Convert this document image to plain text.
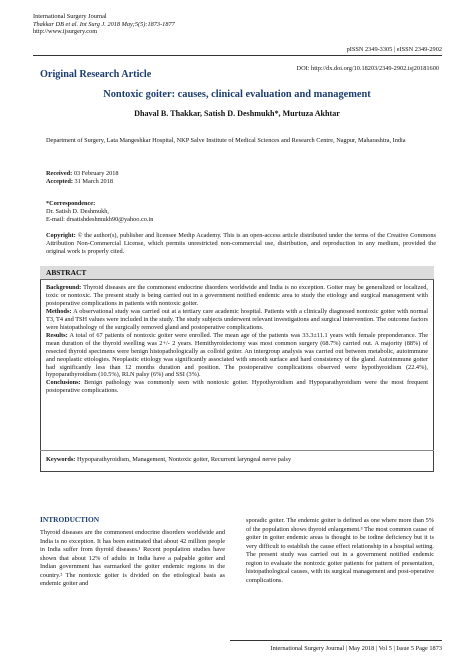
International Surgery Journal
Thakkar DB et al. Int Surg J. 2018 May;5(5):1873-1877
http://www.ijsurgery.com
pISSN 2349-3305 | eISSN 2349-2902
Original Research Article
DOI: http://dx.doi.org/10.18203/2349-2902.isj20181600
Nontoxic goiter: causes, clinical evaluation and management
Dhaval B. Thakkar, Satish D. Deshmukh*, Murtuza Akhtar
Department of Surgery, Lata Mangeshkar Hospital, NKP Salve Institute of Medical Sciences and Research Centre, Nagpur, Maharashtra, India
Received: 03 February 2018
Accepted: 31 March 2018
*Correspondence:
Dr. Satish D. Deshmukh,
E-mail: drsatishdeshmukh90@yahoo.co.in
Copyright: © the author(s), publisher and licensee Medip Academy. This is an open-access article distributed under the terms of the Creative Commons Attribution Non-Commercial License, which permits unrestricted non-commercial use, distribution, and reproduction in any medium, provided the original work is properly cited.
ABSTRACT

Background: Thyroid diseases are the commonest endocrine disorders worldwide and India is no exception. Goiter may be generalized or localized, toxic or nontoxic. The present study is being carried out in a government notified endemic area to study the etiology and surgical management with postoperative complications in patients with nontoxic goiter.

Methods: A observational study was carried out at a tertiary care academic hospital. Patients with a clinically diagnosed nontoxic goiter with normal T3, T4 and TSH values were included in the study. The study subjects underwent relevant investigations and surgical intervention. The outcome factors were histopathology of the surgically removed gland and postoperative complications.

Results: A total of 67 patients of nontoxic goiter were enrolled. The mean age of the patients was 33.3±11.1 years with female preponderance. The mean duration of the thyroid swelling was 2+/- 2 years. Hemithyroidectomy was most common surgery (68.7%) carried out. A majority (88%) of resected thyroid specimens were benign histopathologically as colloid goiter. An intergroup analysis was carried out between metabolic, autoimmune and neoplastic etiologies. Neoplastic etiology was significantly associated with smooth surface and hard consistency of the gland. Autoimmune goiter had significantly less than 12 months duration and position. The postoperative complications observed were hypothyroidism (22.4%), hypoparathyroidism (10.5%), RLN palsy (6%) and SSI (3%).

Conclusions: Benign pathology was commonly seen with nontoxic goiter. Hypothyroidism and Hypoparathyroidism were the most frequent postoperative complications.

Keywords: Hypoparathyroidism, Management, Nontoxic goiter, Recurrent laryngeal nerve palsy
INTRODUCTION
Thyroid diseases are the commonest endocrine disorders worldwide and India is no exception. It has been estimated that about 42 million people in India suffer from thyroid diseases.¹ Recent population studies have shown that about 12% of adults in India have a palpable goiter and Indian government has earmarked the goiter endemic regions in the country.² The nontoxic goiter is divided on the etiological basis as endemic goiter and
sporadic goiter. The endemic goiter is defined as one where more than 5% of the population shows thyroid enlargement.³ The most common cause of goiter in goiter endemic areas is thought to be iodine deficiency but it is very difficult to establish the cause effect relationship in a hospital setting. The present study was carried out in a government notified endemic region to evaluate the nontoxic goiter patients for pattern of presentation, histopathological causes, with its surgical management and post-operative complications.
International Surgery Journal | May 2018 | Vol 5 | Issue 5 Page 1873
